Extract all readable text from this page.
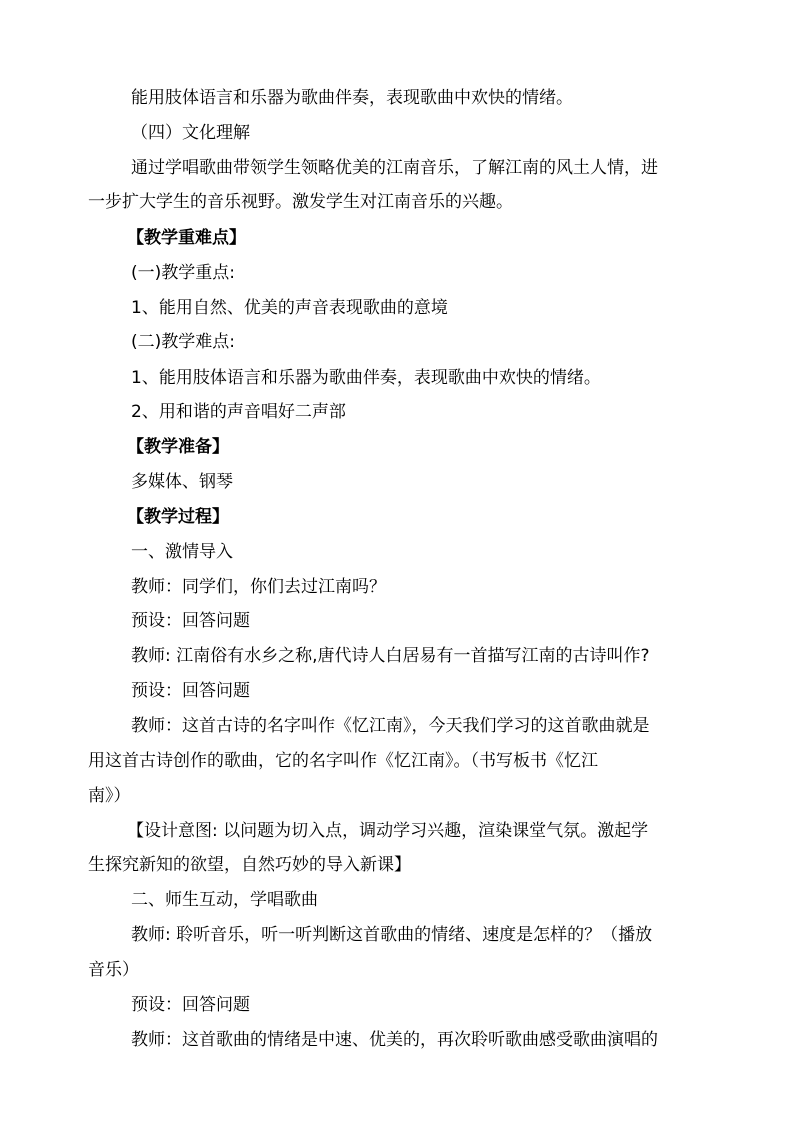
能用肢体语言和乐器为歌曲伴奏，表现歌曲中欢快的情绪。
（四）文化理解
通过学唱歌曲带领学生领略优美的江南音乐，了解江南的风土人情，进
一步扩大学生的音乐视野。激发学生对江南音乐的兴趣。
【教学重难点】
(一)教学重点:
1、能用自然、优美的声音表现歌曲的意境
(二)教学难点:
1、能用肢体语言和乐器为歌曲伴奏，表现歌曲中欢快的情绪。
2、用和谐的声音唱好二声部
【教学准备】
多媒体、钢琴
【教学过程】
一、激情导入
教师：同学们，你们去过江南吗？
预设：回答问题
教师: 江南俗有水乡之称,唐代诗人白居易有一首描写江南的古诗叫作?
预设：回答问题
教师：这首古诗的名字叫作《忆江南》，今天我们学习的这首歌曲就是
用这首古诗创作的歌曲，它的名字叫作《忆江南》。（书写板书《忆江
南》）
【设计意图: 以问题为切入点，调动学习兴趣，渲染课堂气氛。激起学
生探究新知的欲望，自然巧妙的导入新课】
二、师生互动，学唱歌曲
教师: 聆听音乐，听一听判断这首歌曲的情绪、速度是怎样的？（播放
音乐）
预设：回答问题
教师：这首歌曲的情绪是中速、优美的，再次聆听歌曲感受歌曲演唱的
